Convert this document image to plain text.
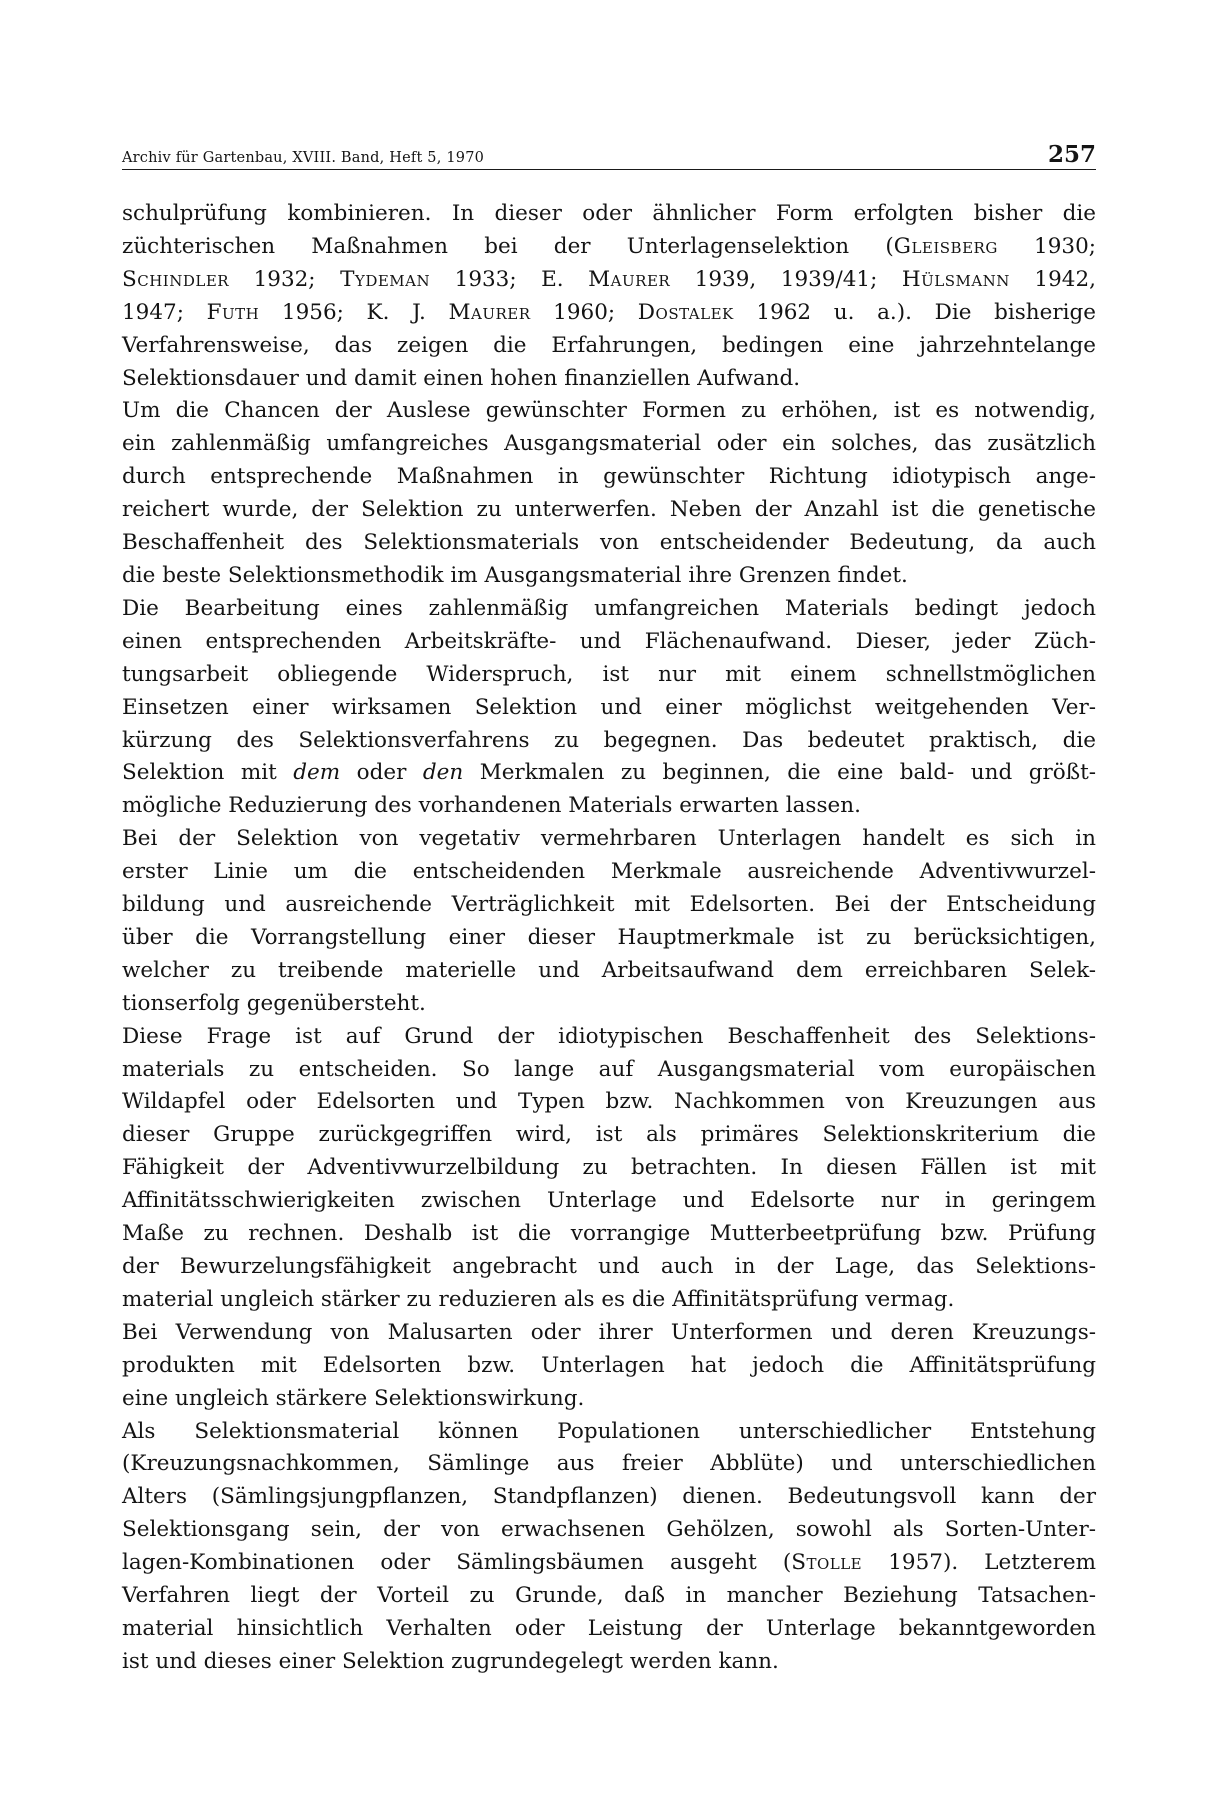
Archiv für Gartenbau, XVIII. Band, Heft 5, 1970	257

schulprüfung kombinieren. In dieser oder ähnlicher Form erfolgten bisher die
züchterischen Maßnahmen bei der Unterlagenselektion (Gleisberg 1930;
Schindler 1932; Tydeman 1933; E. Maurer 1939, 1939/41; Hülsmann 1942,
1947; Futh 1956; K. J. Maurer 1960; Dostalek 1962 u. a.). Die bisherige
Verfahrensweise, das zeigen die Erfahrungen, bedingen eine jahrzehntelange
Selektionsdauer und damit einen hohen finanziellen Aufwand.

Um die Chancen der Auslese gewünschter Formen zu erhöhen, ist es notwendig,
ein zahlenmäßig umfangreiches Ausgangsmaterial oder ein solches, das zusätzlich
durch entsprechende Maßnahmen in gewünschter Richtung idiotypisch ange-
reichert wurde, der Selektion zu unterwerfen. Neben der Anzahl ist die genetische
Beschaffenheit des Selektionsmaterials von entscheidender Bedeutung, da auch
die beste Selektionsmethodik im Ausgangsmaterial ihre Grenzen findet.

Die Bearbeitung eines zahlenmäßig umfangreichen Materials bedingt jedoch
einen entsprechenden Arbeitskräfte- und Flächenaufwand. Dieser, jeder Züch-
tungsarbeit obliegende Widerspruch, ist nur mit einem schnellstmöglichen
Einsetzen einer wirksamen Selektion und einer möglichst weitgehenden Ver-
kürzung des Selektionsverfahrens zu begegnen. Das bedeutet praktisch, die
Selektion mit dem oder den Merkmalen zu beginnen, die eine bald- und größt-
mögliche Reduzierung des vorhandenen Materials erwarten lassen.

Bei der Selektion von vegetativ vermehrbaren Unterlagen handelt es sich in
erster Linie um die entscheidenden Merkmale ausreichende Adventivwurzel-
bildung und ausreichende Verträglichkeit mit Edelsorten. Bei der Entscheidung
über die Vorrangstellung einer dieser Hauptmerkmale ist zu berücksichtigen,
welcher zu treibende materielle und Arbeitsaufwand dem erreichbaren Selek-
tionserfolg gegenübersteht.

Diese Frage ist auf Grund der idiotypischen Beschaffenheit des Selektions-
materials zu entscheiden. So lange auf Ausgangsmaterial vom europäischen
Wildapfel oder Edelsorten und Typen bzw. Nachkommen von Kreuzungen aus
dieser Gruppe zurückgegriffen wird, ist als primäres Selektionskriterium die
Fähigkeit der Adventivwurzelbildung zu betrachten. In diesen Fällen ist mit
Affinitätsschwierigkeiten zwischen Unterlage und Edelsorte nur in geringem
Maße zu rechnen. Deshalb ist die vorrangige Mutterbeetprüfung bzw. Prüfung
der Bewurzelungsfähigkeit angebracht und auch in der Lage, das Selektions-
material ungleich stärker zu reduzieren als es die Affinitätsprüfung vermag.

Bei Verwendung von Malusarten oder ihrer Unterformen und deren Kreuzungs-
produkten mit Edelsorten bzw. Unterlagen hat jedoch die Affinitätsprüfung
eine ungleich stärkere Selektionswirkung.

Als Selektionsmaterial können Populationen unterschiedlicher Entstehung
(Kreuzungsnachkommen, Sämlinge aus freier Abblüte) und unterschiedlichen
Alters (Sämlingsjungpflanzen, Standpflanzen) dienen. Bedeutungsvoll kann der
Selektionsgang sein, der von erwachsenen Gehölzen, sowohl als Sorten-Unter-
lagen-Kombinationen oder Sämlingsbäumen ausgeht (Stolle 1957). Letzterem
Verfahren liegt der Vorteil zu Grunde, daß in mancher Beziehung Tatsachen-
material hinsichtlich Verhalten oder Leistung der Unterlage bekanntgeworden
ist und dieses einer Selektion zugrundegelegt werden kann.
